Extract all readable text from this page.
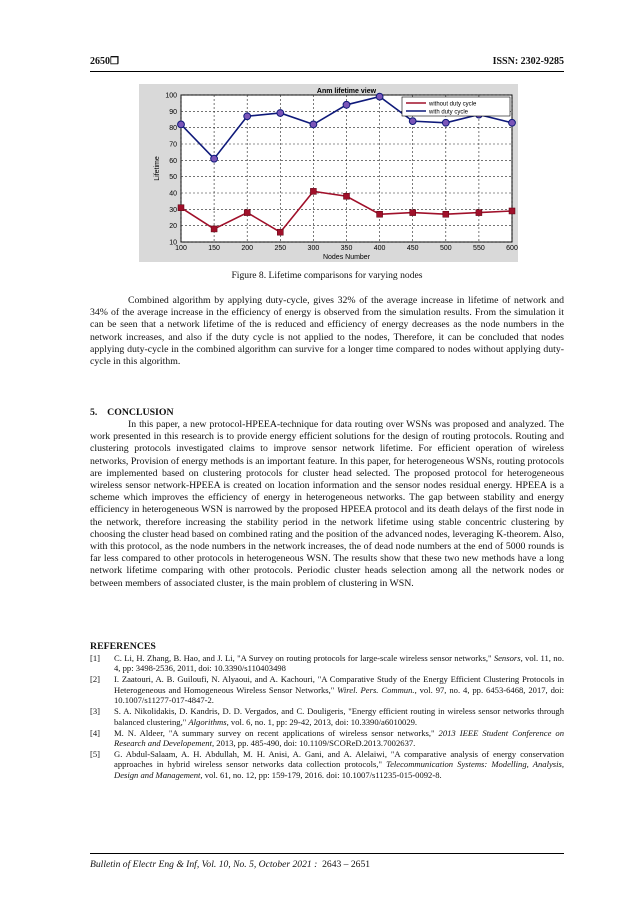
2650❐	ISSN: 2302-9285
10
20
30
40
50
60
70
80
90
100
100	150	200	250	300	350	400	450	500	550	600
Nodes Number
Lifetime
Anm lifetime view
without duty cycle
with duty cycle
Figure 8. Lifetime comparisons for varying nodes

Combined algorithm by applying duty-cycle, gives 32% of the average increase in lifetime of network and 34% of the average increase in the efficiency of energy is observed from the simulation results. From the simulation it can be seen that a network lifetime of the is reduced and efficiency of energy decreases as the node numbers in the network increases, and also if the duty cycle is not applied to the nodes, Therefore, it can be concluded that nodes applying duty-cycle in the combined algorithm can survive for a longer time compared to nodes without applying duty-cycle in this algorithm.

5. CONCLUSION

In this paper, a new protocol-HPEEA-technique for data routing over WSNs was proposed and analyzed. The work presented in this research is to provide energy efficient solutions for the design of routing protocols. Routing and clustering protocols investigated claims to improve sensor network lifetime. For efficient operation of wireless networks, Provision of energy methods is an important feature. In this paper, for heterogeneous WSNs, routing protocols are implemented based on clustering protocols for cluster head selected. The proposed protocol for heterogeneous wireless sensor network-HPEEA is created on location information and the sensor nodes residual energy. HPEEA is a scheme which improves the efficiency of energy in heterogeneous networks. The gap between stability and energy efficiency in heterogeneous WSN is narrowed by the proposed HPEEA protocol and its death delays of the first node in the network, therefore increasing the stability period in the network lifetime using stable concentric clustering by choosing the cluster head based on combined rating and the position of the advanced nodes, leveraging K-theorem. Also, with this protocol, as the node numbers in the network increases, the of dead node numbers at the end of 5000 rounds is far less compared to other protocols in heterogeneous WSN. The results show that these two new methods have a long network lifetime comparing with other protocols. Periodic cluster heads selection among all the network nodes or between members of associated cluster, is the main problem of clustering in WSN.

REFERENCES
[1] C. Li, H. Zhang, B. Hao, and J. Li, "A Survey on routing protocols for large-scale wireless sensor networks," Sensors, vol. 11, no. 4, pp: 3498-2536, 2011, doi: 10.3390/s110403498
[2] I. Zaatouri, A. B. Guiloufi, N. Alyaoui, and A. Kachouri, "A Comparative Study of the Energy Efficient Clustering Protocols in Heterogeneous and Homogeneous Wireless Sensor Networks," Wirel. Pers. Commun., vol. 97, no. 4, pp. 6453-6468, 2017, doi: 10.1007/s11277-017-4847-2.
[3] S. A. Nikolidakis, D. Kandris, D. D. Vergados, and C. Douligeris, "Energy efficient routing in wireless sensor networks through balanced clustering," Algorithms, vol. 6, no. 1, pp: 29-42, 2013, doi: 10.3390/a6010029.
[4] M. N. Aldeer, "A summary survey on recent applications of wireless sensor networks," 2013 IEEE Student Conference on Research and Developement, 2013, pp. 485-490, doi: 10.1109/SCOReD.2013.7002637.
[5] G. Abdul-Salaam, A. H. Abdullah, M. H. Anisi, A. Gani, and A. Alelaiwi, "A comparative analysis of energy conservation approaches in hybrid wireless sensor networks data collection protocols," Telecommunication Systems: Modelling, Analysis, Design and Management, vol. 61, no. 12, pp: 159-179, 2016. doi: 10.1007/s11235-015-0092-8.
Bulletin of Electr Eng & Inf, Vol. 10, No. 5, October 2021 : 2643 – 2651
